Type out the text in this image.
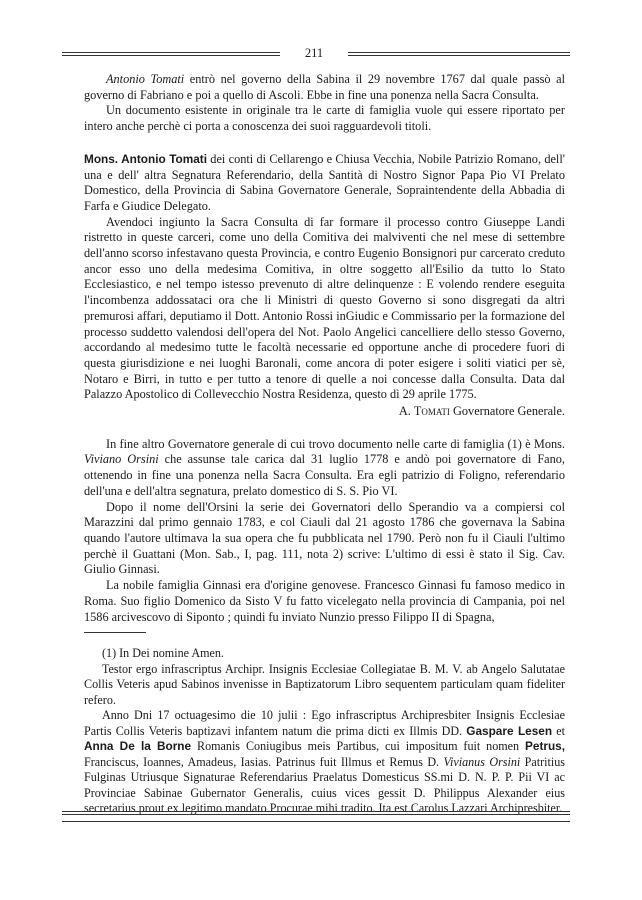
211

Antonio Tomati entrò nel governo della Sabina il 29 novembre 1767 dal quale passò al governo di Fabriano e poi a quello di Ascoli. Ebbe in fine una ponenza nella Sacra Consulta.

Un documento esistente in originale tra le carte di famiglia vuole qui essere riportato per intero anche perchè ci porta a conoscenza dei suoi ragguardevoli titoli.

Mons. Antonio Tomati dei conti di Cellarengo e Chiusa Vecchia, Nobile Patrizio Romano, dell' una e dell' altra Segnatura Referendario, della Santità di Nostro Signor Papa Pio VI Prelato Domestico, della Provincia di Sabina Governatore Generale, Sopraintendente della Abbadia di Farfa e Giudice Delegato.

Avendoci ingiunto la Sacra Consulta di far formare il processo contro Giuseppe Landi ristretto in queste carceri, come uno della Comitiva dei malviventi che nel mese di settembre dell'anno scorso infestavano questa Provincia, e contro Eugenio Bonsignori pur carcerato creduto ancor esso uno della medesima Comitiva, in oltre soggetto all'Esilio da tutto lo Stato Ecclesiastico, e nel tempo istesso prevenuto di altre delinquenze : E volendo rendere eseguita l'incombenza addossataci ora che li Ministri di questo Governo si sono disgregati da altri premurosi affari, deputiamo il Dott. Antonio Rossi inGiudic e Commissario per la formazione del processo suddetto valendosi dell'opera del Not. Paolo Angelici cancelliere dello stesso Governo, accordando al medesimo tutte le facoltà necessarie ed opportune anche di procedere fuori di questa giurisdizione e nei luoghi Baronali, come ancora di poter esigere i soliti viatici per sè, Notaro e Birri, in tutto e per tutto a tenore di quelle a noi concesse dalla Consulta. Data dal Palazzo Apostolico di Collevecchio Nostra Residenza, questo dì 29 aprile 1775.

A. Tomati Governatore Generale.

In fine altro Governatore generale di cui trovo documento nelle carte di famiglia (1) è Mons. Viviano Orsini che assunse tale carica dal 31 luglio 1778 e andò poi governatore di Fano, ottenendo in fine una ponenza nella Sacra Consulta. Era egli patrizio di Foligno, referendario dell'una e dell'altra segnatura, prelato domestico di S. S. Pio VI.

Dopo il nome dell'Orsini la serie dei Governatori dello Sperandio va a compiersi col Marazzini dal primo gennaio 1783, e col Ciauli dal 21 agosto 1786 che governava la Sabina quando l'autore ultimava la sua opera che fu pubblicata nel 1790. Però non fu il Ciauli l'ultimo perchè il Guattani (Mon. Sab., I, pag. 111, nota 2) scrive: L'ultimo di essi è stato il Sig. Cav. Giulio Ginnasi.

La nobile famiglia Ginnasi era d'origine genovese. Francesco Ginnasi fu famoso medico in Roma. Suo figlio Domenico da Sisto V fu fatto vicelegato nella provincia di Campania, poi nel 1586 arcivescovo di Siponto ; quindi fu inviato Nunzio presso Filippo II di Spagna,

(1) In Dei nomine Amen.

Testor ergo infrascriptus Archipr. Insignis Ecclesiae Collegiatae B. M. V. ab Angelo Salutatae Collis Veteris apud Sabinos invenisse in Baptizatorum Libro sequentem particulam quam fideliter refero.

Anno Dni 17 octuagesimo die 10 julii : Ego infrascriptus Archipresbiter Insignis Ecclesiae Partis Collis Veteris baptizavi infantem natum die prima dicti ex Illmis DD. Gaspare Lesen et Anna De la Borne Romanis Coniugibus meis Partibus, cui impositum fuit nomen Petrus, Franciscus, Ioannes, Amadeus, Iasias. Patrinus fuit Illmus et Remus D. Vivianus Orsini Patritius Fulginas Utriusque Signaturae Referendarius Praelatus Domesticus SS.mi D. N. P. P. Pii VI ac Provinciae Sabinae Gubernator Generalis, cuius vices gessit D. Philippus Alexander eius secretarius prout ex legitimo mandato Procurae mihi tradito. Ita est Carolus Lazzari Archipresbiter.
